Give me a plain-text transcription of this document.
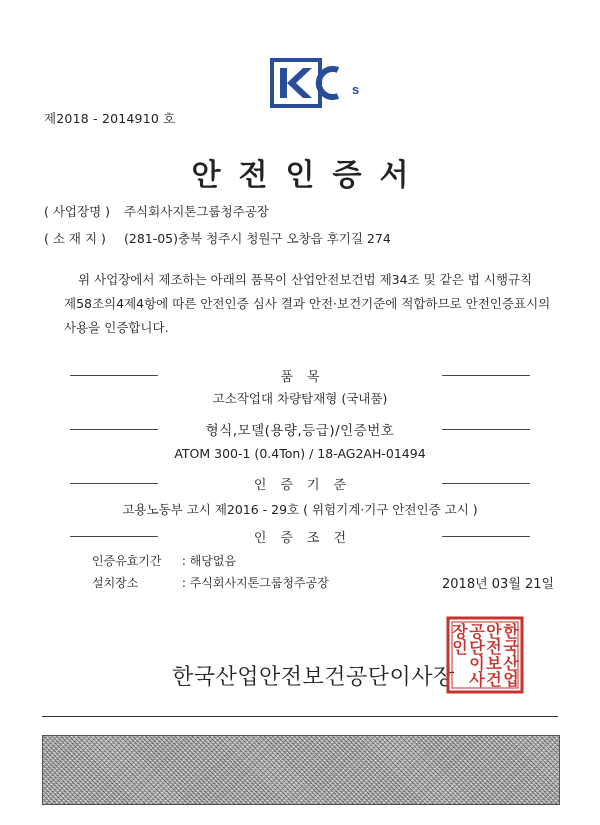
s
제2018 - 2014910 호
안전인증서
( 사업장명 ) 주식회사지톤그룹청주공장
( 소 재 지 ) (281-05)충북 청주시 청원구 오창읍 후기길 274
위 사업장에서 제조하는 아래의 품목이 산업안전보건법 제34조 및 같은 법 시행규칙
제58조의4제4항에 따른 안전인증 심사 결과 안전·보건기준에 적합하므로 안전인증표시의
사용을 인증합니다.
품목
고소작업대 차량탑재형 (국내품)
형식,모델(용량,등급)/인증번호
ATOM 300-1 (0.4Ton) / 18-AG2AH-01494
인증기준
고용노동부 고시 제2016 - 29호 ( 위험기계·기구 안전인증 고시 )
인증조건
인증유효기간 : 해당없음
설치장소	: 주식회사지톤그룹청주공장	2018년 03월 21일
한국산업안전보건공단이사장
한
국
산
업
안
전
보
건
공
단
이
사
장
인
